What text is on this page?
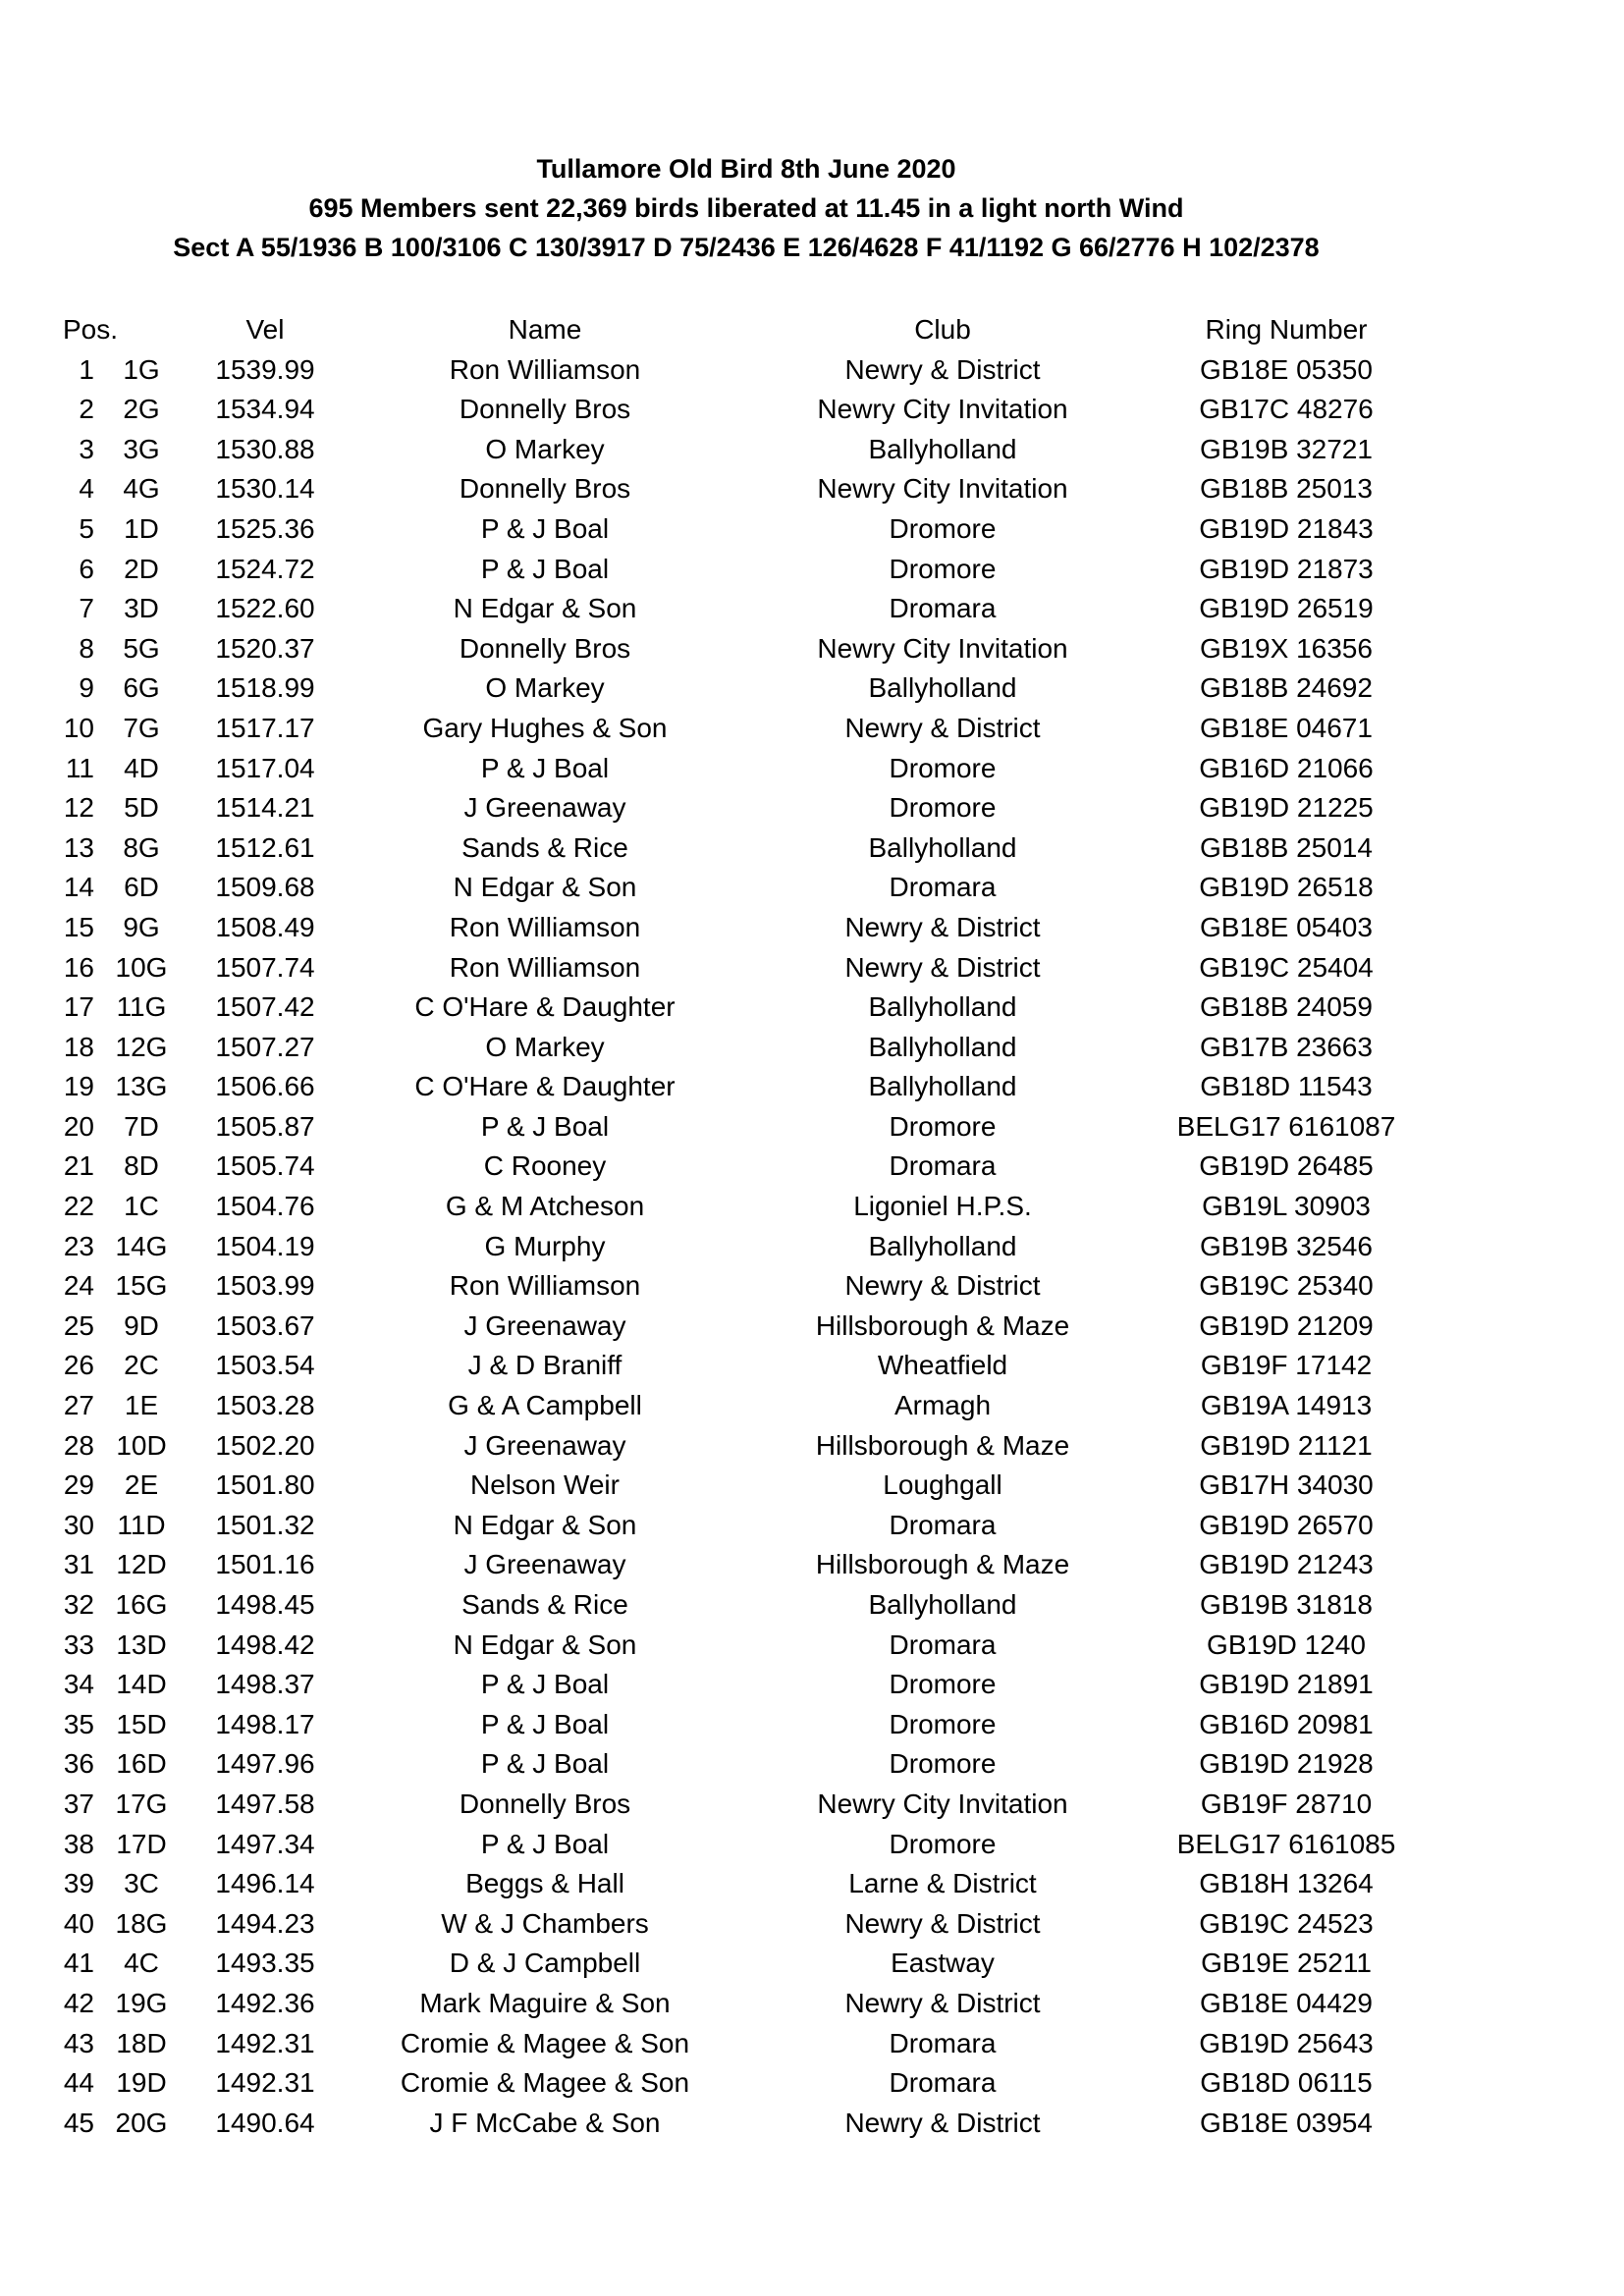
Tullamore Old Bird 8th June 2020
695 Members sent 22,369 birds liberated at 11.45 in a light north Wind
Sect A 55/1936 B 100/3106 C 130/3917 D 75/2436 E 126/4628 F 41/1192 G 66/2776 H 102/2378
Pos.	Vel	Name	Club	Ring Number
1	1G	1539.99	Ron Williamson	Newry & District	GB18E 05350
2	2G	1534.94	Donnelly Bros	Newry City Invitation	GB17C 48276
3	3G	1530.88	O Markey	Ballyholland	GB19B 32721
4	4G	1530.14	Donnelly Bros	Newry City Invitation	GB18B 25013
5	1D	1525.36	P & J Boal	Dromore	GB19D 21843
6	2D	1524.72	P & J Boal	Dromore	GB19D 21873
7	3D	1522.60	N Edgar & Son	Dromara	GB19D 26519
8	5G	1520.37	Donnelly Bros	Newry City Invitation	GB19X 16356
9	6G	1518.99	O Markey	Ballyholland	GB18B 24692
10	7G	1517.17	Gary Hughes & Son	Newry & District	GB18E 04671
11	4D	1517.04	P & J Boal	Dromore	GB16D 21066
12	5D	1514.21	J Greenaway	Dromore	GB19D 21225
13	8G	1512.61	Sands & Rice	Ballyholland	GB18B 25014
14	6D	1509.68	N Edgar & Son	Dromara	GB19D 26518
15	9G	1508.49	Ron Williamson	Newry & District	GB18E 05403
16 10G	1507.74	Ron Williamson	Newry & District	GB19C 25404
17 11G	1507.42	C O'Hare & Daughter	Ballyholland	GB18B 24059
18 12G	1507.27	O Markey	Ballyholland	GB17B 23663
19 13G	1506.66	C O'Hare & Daughter	Ballyholland	GB18D 11543
20	7D	1505.87	P & J Boal	Dromore	BELG17 6161087
21	8D	1505.74	C Rooney	Dromara	GB19D 26485
22	1C	1504.76	G & M Atcheson	Ligoniel H.P.S.	GB19L 30903
23 14G	1504.19	G Murphy	Ballyholland	GB19B 32546
24 15G	1503.99	Ron Williamson	Newry & District	GB19C 25340
25	9D	1503.67	J Greenaway	Hillsborough & Maze	GB19D 21209
26	2C	1503.54	J & D Braniff	Wheatfield	GB19F 17142
27	1E	1503.28	G & A Campbell	Armagh	GB19A 14913
28 10D	1502.20	J Greenaway	Hillsborough & Maze	GB19D 21121
29	2E	1501.80	Nelson Weir	Loughgall	GB17H 34030
30 11D	1501.32	N Edgar & Son	Dromara	GB19D 26570
31 12D	1501.16	J Greenaway	Hillsborough & Maze	GB19D 21243
32 16G	1498.45	Sands & Rice	Ballyholland	GB19B 31818
33 13D	1498.42	N Edgar & Son	Dromara	GB19D 1240
34 14D	1498.37	P & J Boal	Dromore	GB19D 21891
35 15D	1498.17	P & J Boal	Dromore	GB16D 20981
36 16D	1497.96	P & J Boal	Dromore	GB19D 21928
37 17G	1497.58	Donnelly Bros	Newry City Invitation	GB19F 28710
38 17D	1497.34	P & J Boal	Dromore	BELG17 6161085
39	3C	1496.14	Beggs & Hall	Larne & District	GB18H 13264
40 18G	1494.23	W & J Chambers	Newry & District	GB19C 24523
41	4C	1493.35	D & J Campbell	Eastway	GB19E 25211
42 19G	1492.36	Mark Maguire & Son	Newry & District	GB18E 04429
43 18D	1492.31	Cromie & Magee & Son	Dromara	GB19D 25643
44 19D	1492.31	Cromie & Magee & Son	Dromara	GB18D 06115
45 20G	1490.64	J F McCabe & Son	Newry & District	GB18E 03954
